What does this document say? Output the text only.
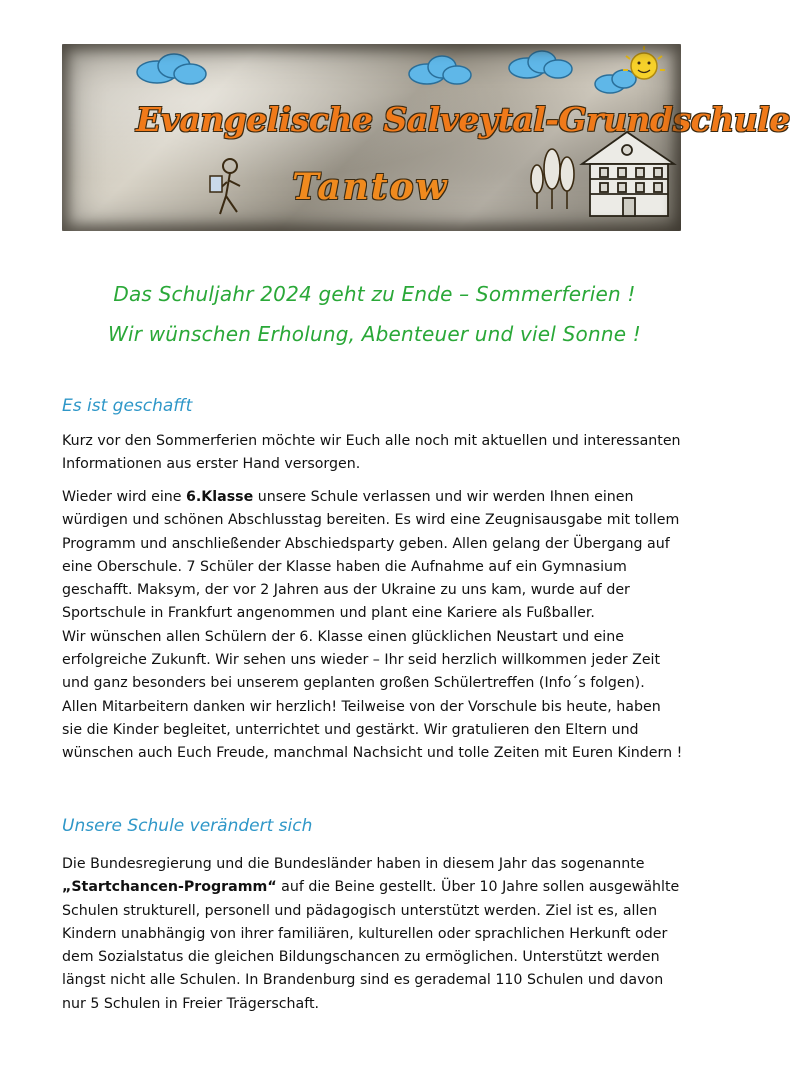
Evangelische Salveytal-Grundschule
Tantow
Das Schuljahr 2024 geht zu Ende – Sommerferien !
Wir wünschen Erholung, Abenteuer und viel Sonne !
Es ist geschafft

Kurz vor den Sommerferien möchte wir Euch alle noch mit aktuellen und interessanten

Informationen aus erster Hand versorgen.

Wieder wird eine 6.Klasse unsere Schule verlassen und wir werden Ihnen einen

würdigen und schönen Abschlusstag bereiten. Es wird eine Zeugnisausgabe mit tollem

Programm und anschließender Abschiedsparty geben. Allen gelang der Übergang auf

eine Oberschule. 7 Schüler der Klasse haben die Aufnahme auf ein Gymnasium

geschafft. Maksym, der vor 2 Jahren aus der Ukraine zu uns kam, wurde auf der

Sportschule in Frankfurt angenommen und plant eine Kariere als Fußballer.

Wir wünschen allen Schülern der 6. Klasse einen glücklichen Neustart und eine

erfolgreiche Zukunft. Wir sehen uns wieder – Ihr seid herzlich willkommen jeder Zeit

und ganz besonders bei unserem geplanten großen Schülertreffen (Info´s folgen).

Allen Mitarbeitern danken wir herzlich! Teilweise von der Vorschule bis heute, haben

sie die Kinder begleitet, unterrichtet und gestärkt. Wir gratulieren den Eltern und

wünschen auch Euch Freude, manchmal Nachsicht und tolle Zeiten mit Euren Kindern !

Unsere Schule verändert sich

Die Bundesregierung und die Bundesländer haben in diesem Jahr das sogenannte

„Startchancen-Programm“ auf die Beine gestellt. Über 10 Jahre sollen ausgewählte

Schulen strukturell, personell und pädagogisch unterstützt werden. Ziel ist es, allen

Kindern unabhängig von ihrer familiären, kulturellen oder sprachlichen Herkunft oder

dem Sozialstatus die gleichen Bildungschancen zu ermöglichen. Unterstützt werden

längst nicht alle Schulen. In Brandenburg sind es gerademal 110 Schulen und davon

nur 5 Schulen in Freier Trägerschaft.
